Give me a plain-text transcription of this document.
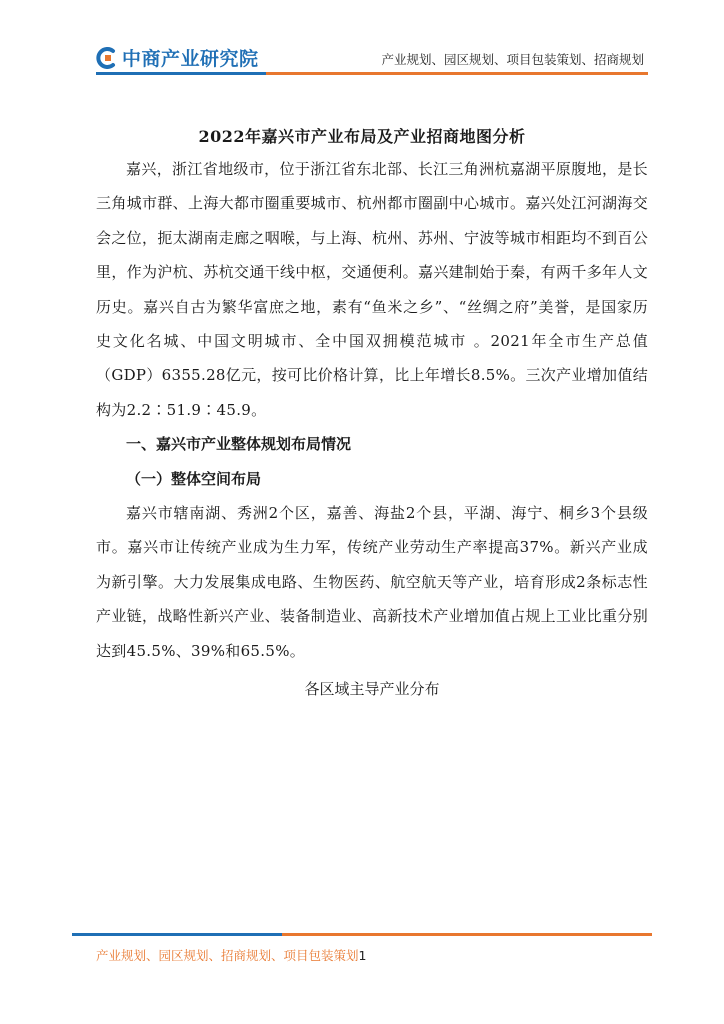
中商产业研究院	产业规划、园区规划、项目包装策划、招商规划
2022年嘉兴市产业布局及产业招商地图分析

嘉兴，浙江省地级市，位于浙江省东北部、长江三角洲杭嘉湖平原腹地，是长三角城市群、上海大都市圈重要城市、杭州都市圈副中心城市。嘉兴处江河湖海交会之位，扼太湖南走廊之咽喉，与上海、杭州、苏州、宁波等城市相距均不到百公里，作为沪杭、苏杭交通干线中枢，交通便利。嘉兴建制始于秦，有两千多年人文历史。嘉兴自古为繁华富庶之地，素有“鱼米之乡”、“丝绸之府”美誉，是国家历史文化名城、中国文明城市、全中国双拥模范城市 。2021年全市生产总值（GDP）6355.28亿元，按可比价格计算，比上年增长8.5%。三次产业增加值结构为2.2∶51.9∶45.9。

一、嘉兴市产业整体规划布局情况

（一）整体空间布局

嘉兴市辖南湖、秀洲2个区，嘉善、海盐2个县，平湖、海宁、桐乡3个县级市。嘉兴市让传统产业成为生力军，传统产业劳动生产率提高37%。新兴产业成为新引擎。大力发展集成电路、生物医药、航空航天等产业，培育形成2条标志性产业链，战略性新兴产业、装备制造业、高新技术产业增加值占规上工业比重分别达到45.5%、39%和65.5%。

各区域主导产业分布

产业规划、园区规划、招商规划、项目包装策划1
